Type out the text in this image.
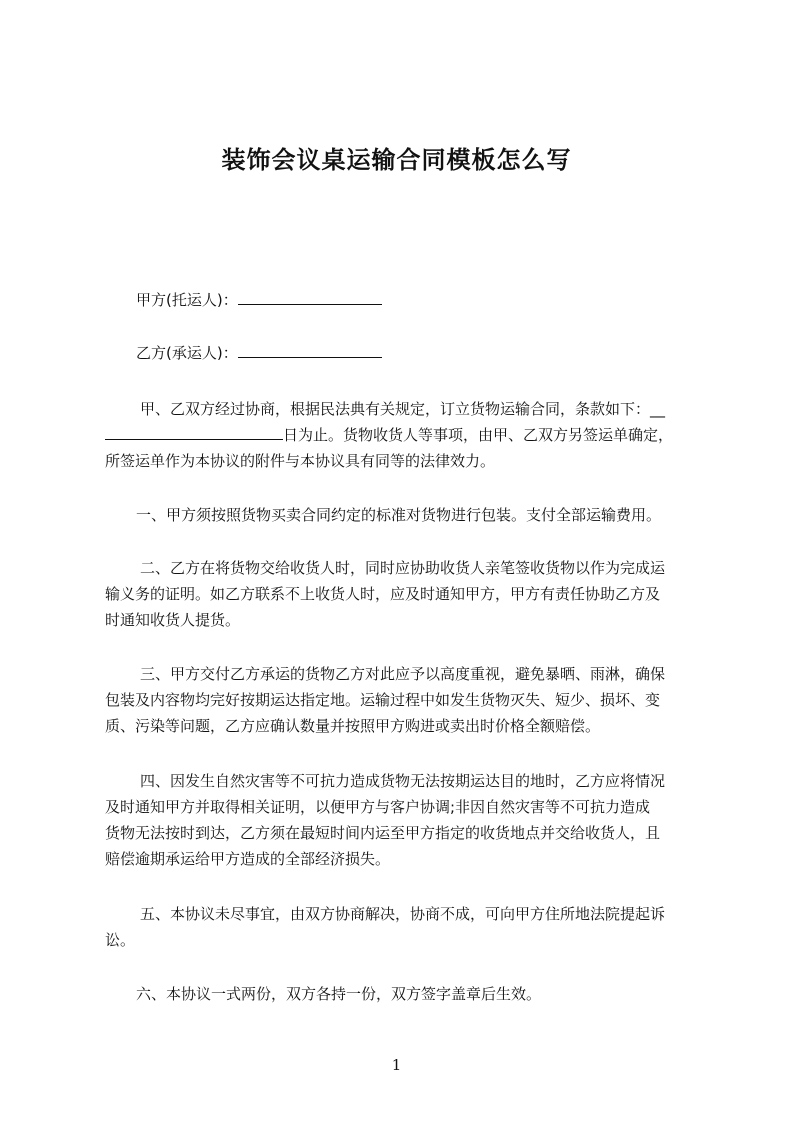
装饰会议桌运输合同模板怎么写
甲方(托运人)：
乙方(承运人)：
甲、乙双方经过协商，根据民法典有关规定，订立货物运输合同，条款如下：__
日为止。货物收货人等事项，由甲、乙双方另签运单确定，
所签运单作为本协议的附件与本协议具有同等的法律效力。
一、甲方须按照货物买卖合同约定的标准对货物进行包装。支付全部运输费用。
二、乙方在将货物交给收货人时，同时应协助收货人亲笔签收货物以作为完成运
输义务的证明。如乙方联系不上收货人时，应及时通知甲方，甲方有责任协助乙方及
时通知收货人提货。
三、甲方交付乙方承运的货物乙方对此应予以高度重视，避免暴晒、雨淋，确保
包装及内容物均完好按期运达指定地。运输过程中如发生货物灭失、短少、损坏、变
质、污染等问题，乙方应确认数量并按照甲方购进或卖出时价格全额赔偿。
四、因发生自然灾害等不可抗力造成货物无法按期运达目的地时，乙方应将情况
及时通知甲方并取得相关证明，以便甲方与客户协调;非因自然灾害等不可抗力造成
货物无法按时到达，乙方须在最短时间内运至甲方指定的收货地点并交给收货人，且
赔偿逾期承运给甲方造成的全部经济损失。
五、本协议未尽事宜，由双方协商解决，协商不成，可向甲方住所地法院提起诉
讼。
六、本协议一式两份，双方各持一份，双方签字盖章后生效。
1
